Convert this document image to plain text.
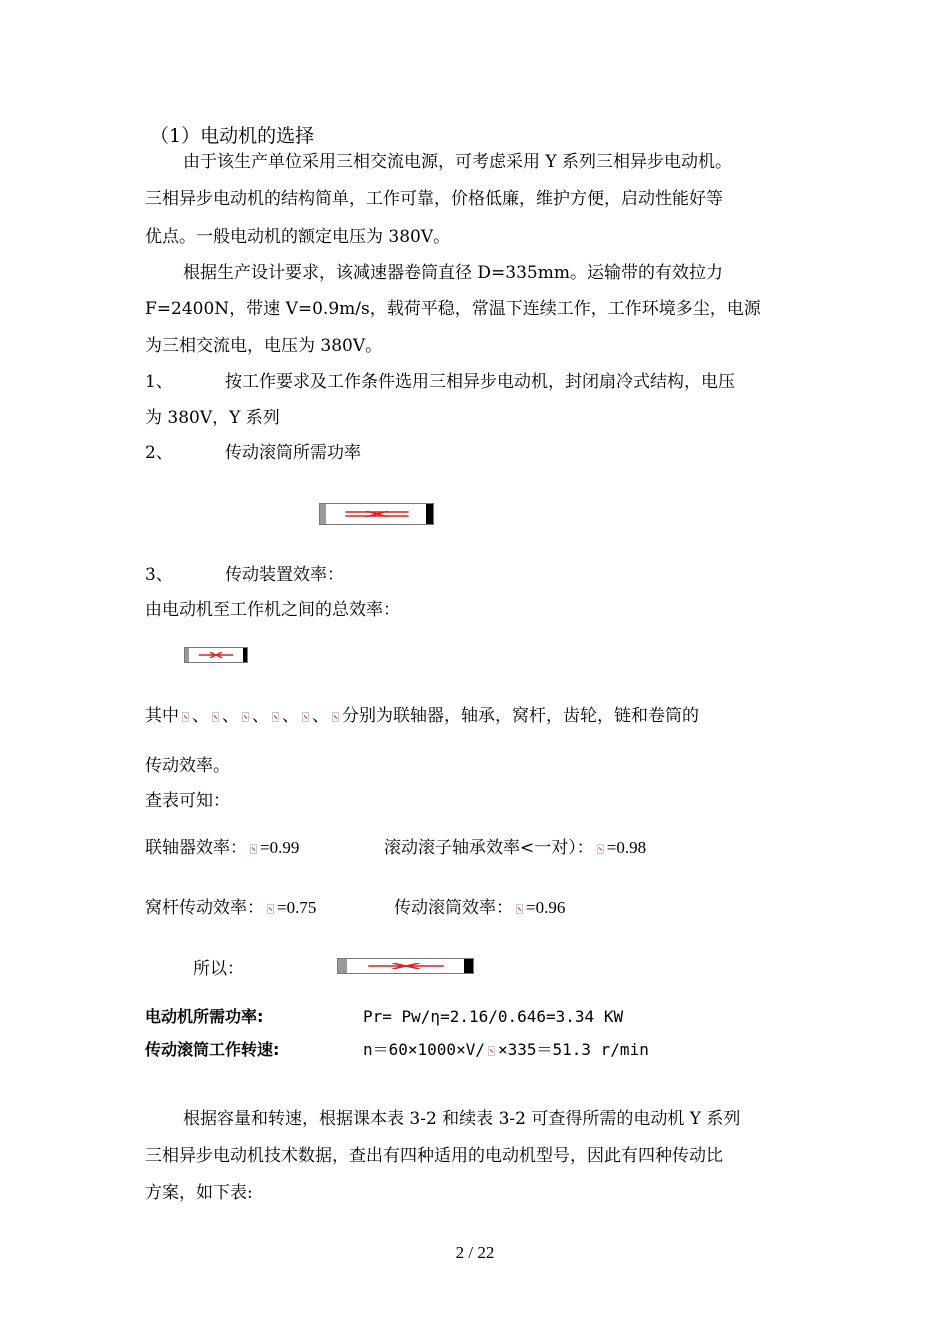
（1）电动机的选择
由于该生产单位采用三相交流电源，可考虑采用 Y 系列三相异步电动机。
三相异步电动机的结构简单，工作可靠，价格低廉，维护方便，启动性能好等
优点。一般电动机的额定电压为 380V。
根据生产设计要求，该减速器卷筒直径 D=335mm。运输带的有效拉力
F=2400N，带速 V=0.9m/s，载荷平稳，常温下连续工作，工作环境多尘，电源
为三相交流电，电压为 380V。
1、	按工作要求及工作条件选用三相异步电动机，封闭扇冷式结构，电压
为 380V，Y 系列
2、	传动滚筒所需功率
3、	传动装置效率：
由电动机至工作机之间的总效率：
其中 、 、 、 、 、 分别为联轴器，轴承，窝杆，齿轮，链和卷筒的
传动效率。
查表可知：
联轴器效率： =0.99	滚动滚子轴承效率<一对）： =0.98
窝杆传动效率： =0.75	传动滚筒效率： =0.96
所以：
电动机所需功率:	Pr= Pw/η=2.16/0.646=3.34 KW
传动滚筒工作转速:	n＝60×1000×V/ ×335＝51.3 r/min
根据容量和转速，根据课本表 3-2 和续表 3-2 可查得所需的电动机 Y 系列
三相异步电动机技术数据，查出有四种适用的电动机型号，因此有四种传动比
方案，如下表:
2 / 22
